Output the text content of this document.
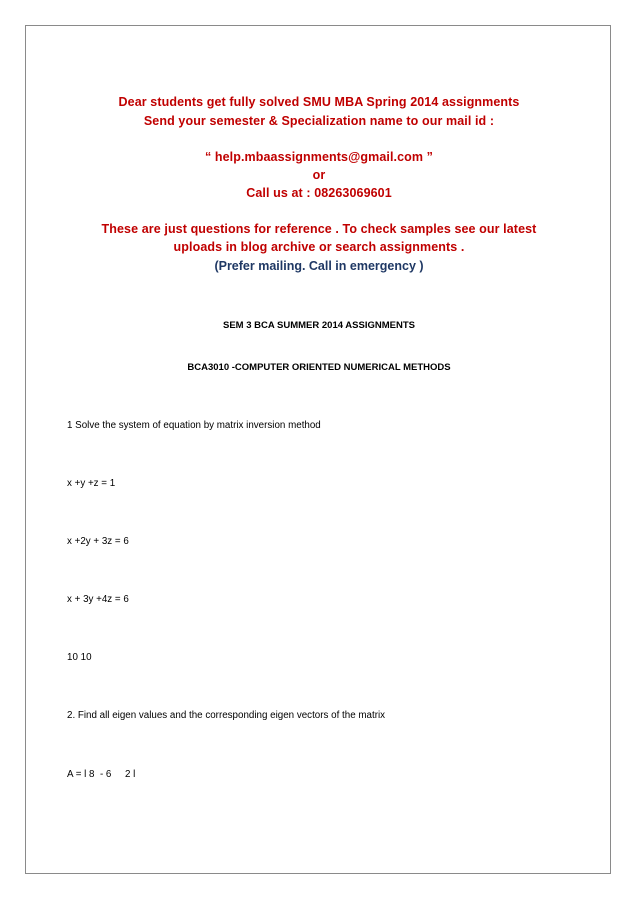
Dear students get fully solved SMU MBA Spring 2014 assignments
Send your semester & Specialization name to our mail id :
“ help.mbaassignments@gmail.com ”
or
Call us at : 08263069601
These are just questions for reference . To check samples see our latest
uploads in blog archive or search assignments .
(Prefer mailing. Call in emergency )
SEM 3 BCA SUMMER 2014 ASSIGNMENTS
BCA3010 -COMPUTER ORIENTED NUMERICAL METHODS
1 Solve the system of equation by matrix inversion method
x +y +z = 1
x +2y + 3z = 6
x + 3y +4z = 6
10 10
2. Find all eigen values and the corresponding eigen vectors of the matrix
A = l 8  - 6     2 l
